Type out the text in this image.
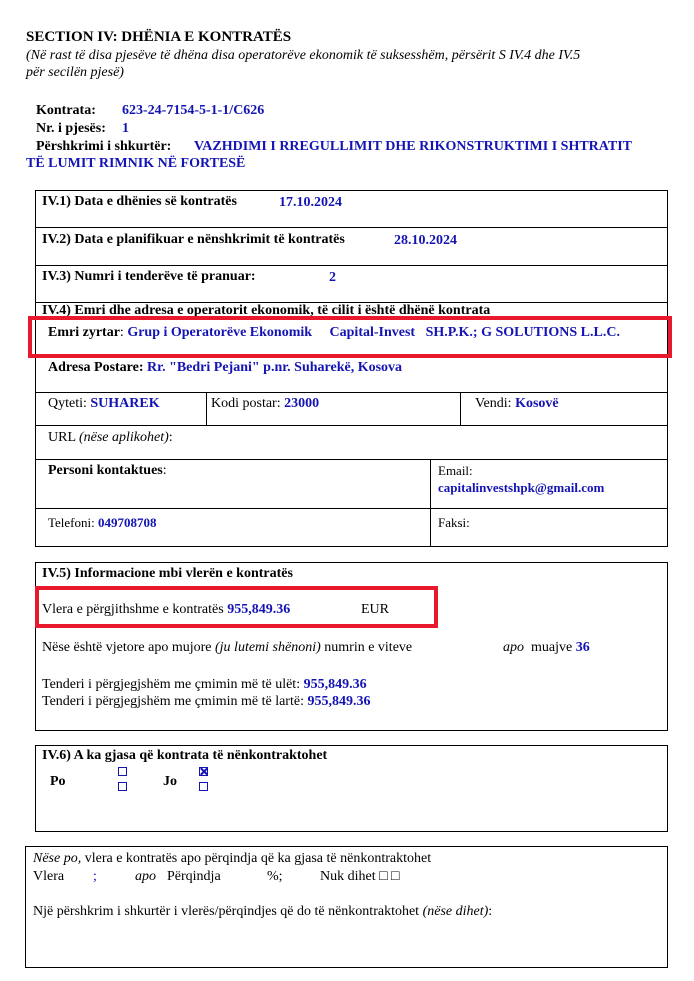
SECTION IV: DHËNIA E KONTRATËS
(Në rast të disa pjesëve të dhëna disa operatorëve ekonomik të suksesshëm, përsërit S IV.4 dhe IV.5
për secilën pjesë)
Kontrata: 623-24-7154-5-1-1/C626
Nr. i pjesës: 1
Përshkrimi i shkurtër: VAZHDIMI I RREGULLIMIT DHE RIKONSTRUKTIMI I SHTRATIT
TË LUMIT RIMNIK NË FORTESË
IV.1) Data e dhënies së kontratës	17.10.2024
IV.2) Data e planifikuar e nënshkrimit të kontratës	28.10.2024
IV.3) Numri i tenderëve të pranuar:	2
IV.4) Emri dhe adresa e operatorit ekonomik, të cilit i është dhënë kontrata
Emri zyrtar: Grup i Operatorëve Ekonomik     Capital-Invest   SH.P.K.; G SOLUTIONS L.L.C.
Adresa Postare: Rr. "Bedri Pejani" p.nr. Suharekë, Kosova
Qyteti: SUHAREK	Kodi postar: 23000	Vendi: Kosovë
URL (nëse aplikohet):
Personi kontaktues:	Email:
capitalinvestshpk@gmail.com
Telefoni: 049708708	Faksi:
IV.5) Informacione mbi vlerën e kontratës
Vlera e përgjithshme e kontratës 955,849.36	EUR
Nëse është vjetore apo mujore (ju lutemi shënoni) numrin e viteve	apo muajve 36
Tenderi i përgjegjshëm me çmimin më të ulët: 955,849.36
Tenderi i përgjegjshëm me çmimin më të lartë: 955,849.36
IV.6) A ka gjasa që kontrata të nënkontraktohet
Po	Jo
Nëse po, vlera e kontratës apo përqindja që ka gjasa të nënkontraktohet
Vlera ;	apo Përqindja	%;	Nuk dihet □ □
Një përshkrim i shkurtër i vlerës/përqindjes që do të nënkontraktohet (nëse dihet):
